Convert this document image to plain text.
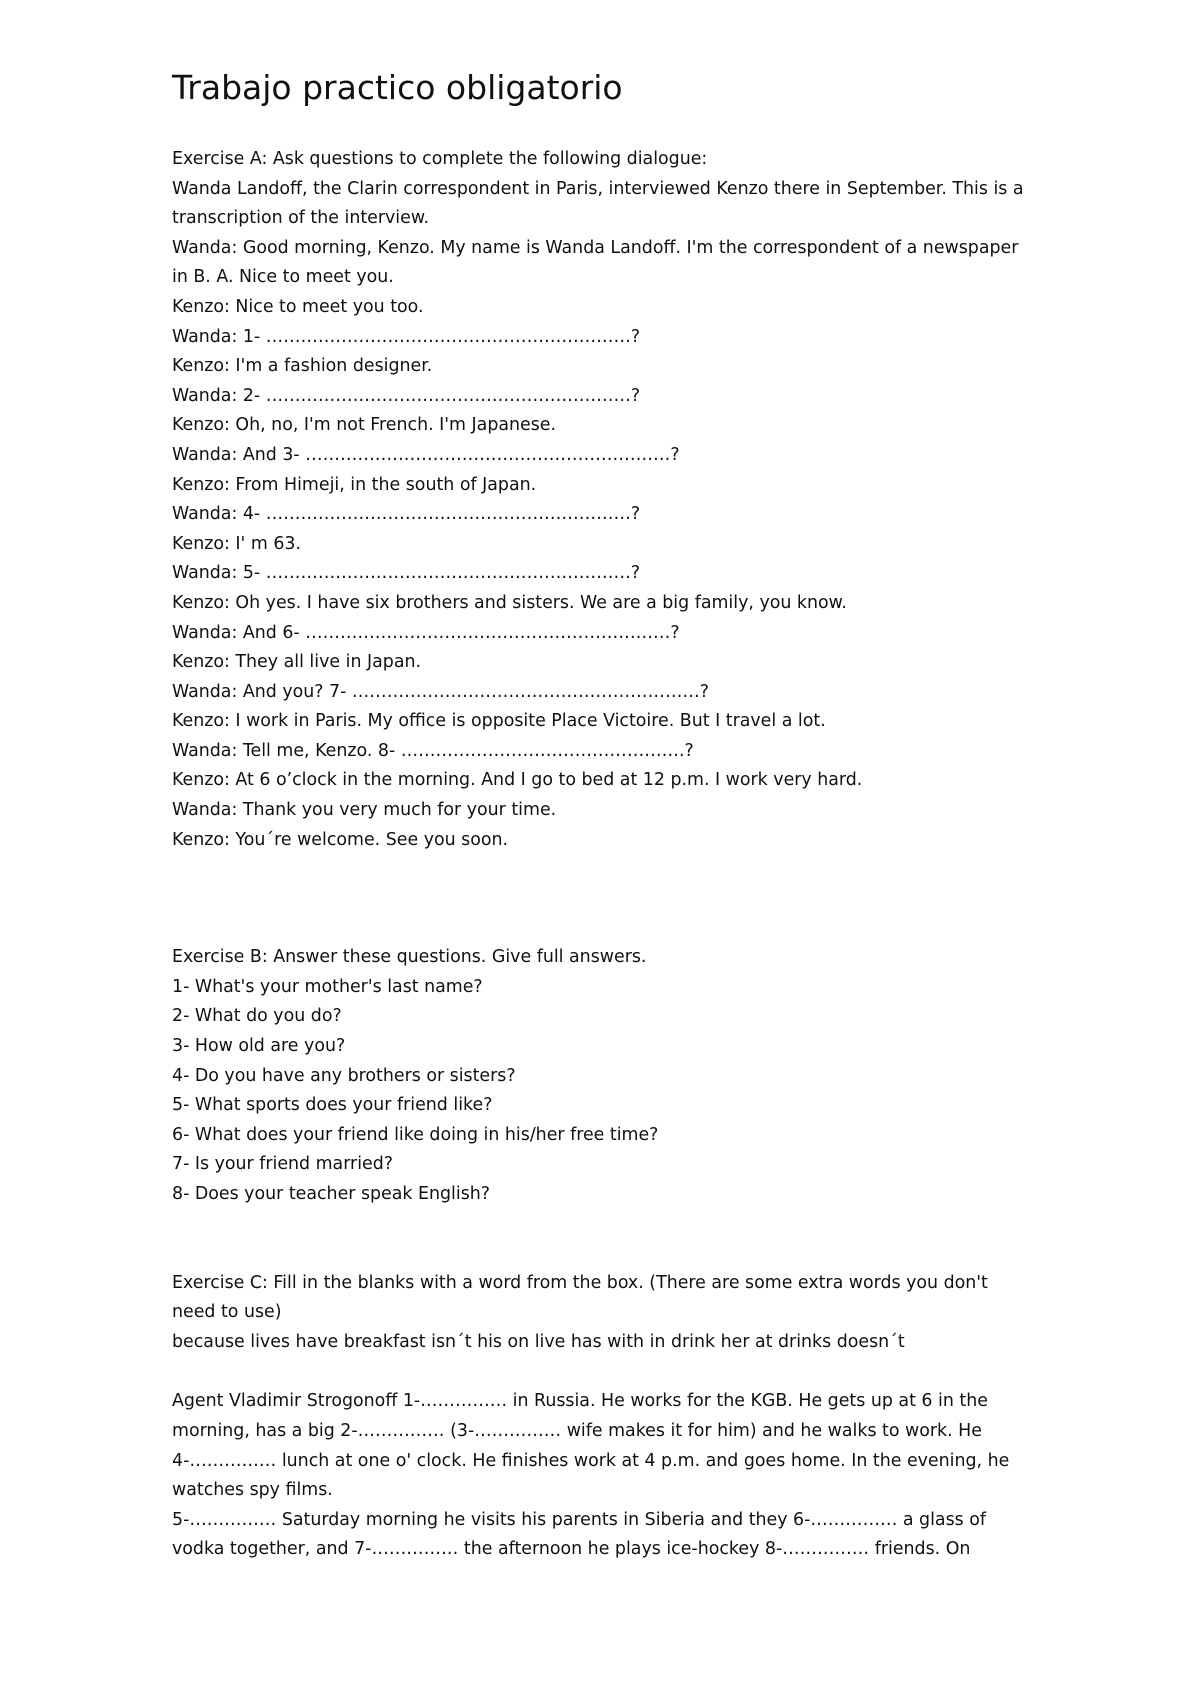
Trabajo practico obligatorio

Exercise A: Ask questions to complete the following dialogue:

Wanda Landoff, the Clarin correspondent in Paris, interviewed Kenzo there in September. This is a transcription of the interview.

Wanda: Good morning, Kenzo. My name is Wanda Landoff. I'm the correspondent of a newspaper in B. A. Nice to meet you.

Kenzo: Nice to meet you too.

Wanda: 1- ………………………………………………………?

Kenzo: I'm a fashion designer.

Wanda: 2- ………………………………………………………?

Kenzo: Oh, no, I'm not French. I'm Japanese.

Wanda: And 3- ………………………………………………………?

Kenzo: From Himeji, in the south of Japan.

Wanda: 4- ………………………………………………………?

Kenzo: I' m 63.

Wanda: 5- ………………………………………………………?

Kenzo: Oh yes. I have six brothers and sisters. We are a big family, you know.

Wanda: And 6- ………………………………………………………?

Kenzo: They all live in Japan.

Wanda: And you? 7- ……………………………………………………?

Kenzo: I work in Paris. My office is opposite Place Victoire. But I travel a lot.

Wanda: Tell me, Kenzo. 8- ………………………………………….?

Kenzo: At 6 o’clock in the morning. And I go to bed at 12 p.m. I work very hard.

Wanda: Thank you very much for your time.

Kenzo: You´re welcome. See you soon.

Exercise B: Answer these questions. Give full answers.

1- What's your mother's last name?

2- What do you do?

3- How old are you?

4- Do you have any brothers or sisters?

5- What sports does your friend like?

6- What does your friend like doing in his/her free time?

7- Is your friend married?

8- Does your teacher speak English?

Exercise C: Fill in the blanks with a word from the box. (There are some extra words you don't need to use)

because lives have breakfast isn´t his on live has with in drink her at drinks doesn´t

Agent Vladimir Strogonoff 1-…………… in Russia. He works for the KGB. He gets up at 6 in the morning, has a big 2-…………… (3-…………… wife makes it for him) and he walks to work. He 4-…………… lunch at one o' clock. He finishes work at 4 p.m. and goes home. In the evening, he watches spy films.

5-…………… Saturday morning he visits his parents in Siberia and they 6-…………… a glass of vodka together, and 7-…………… the afternoon he plays ice-hockey 8-…………… friends. On
